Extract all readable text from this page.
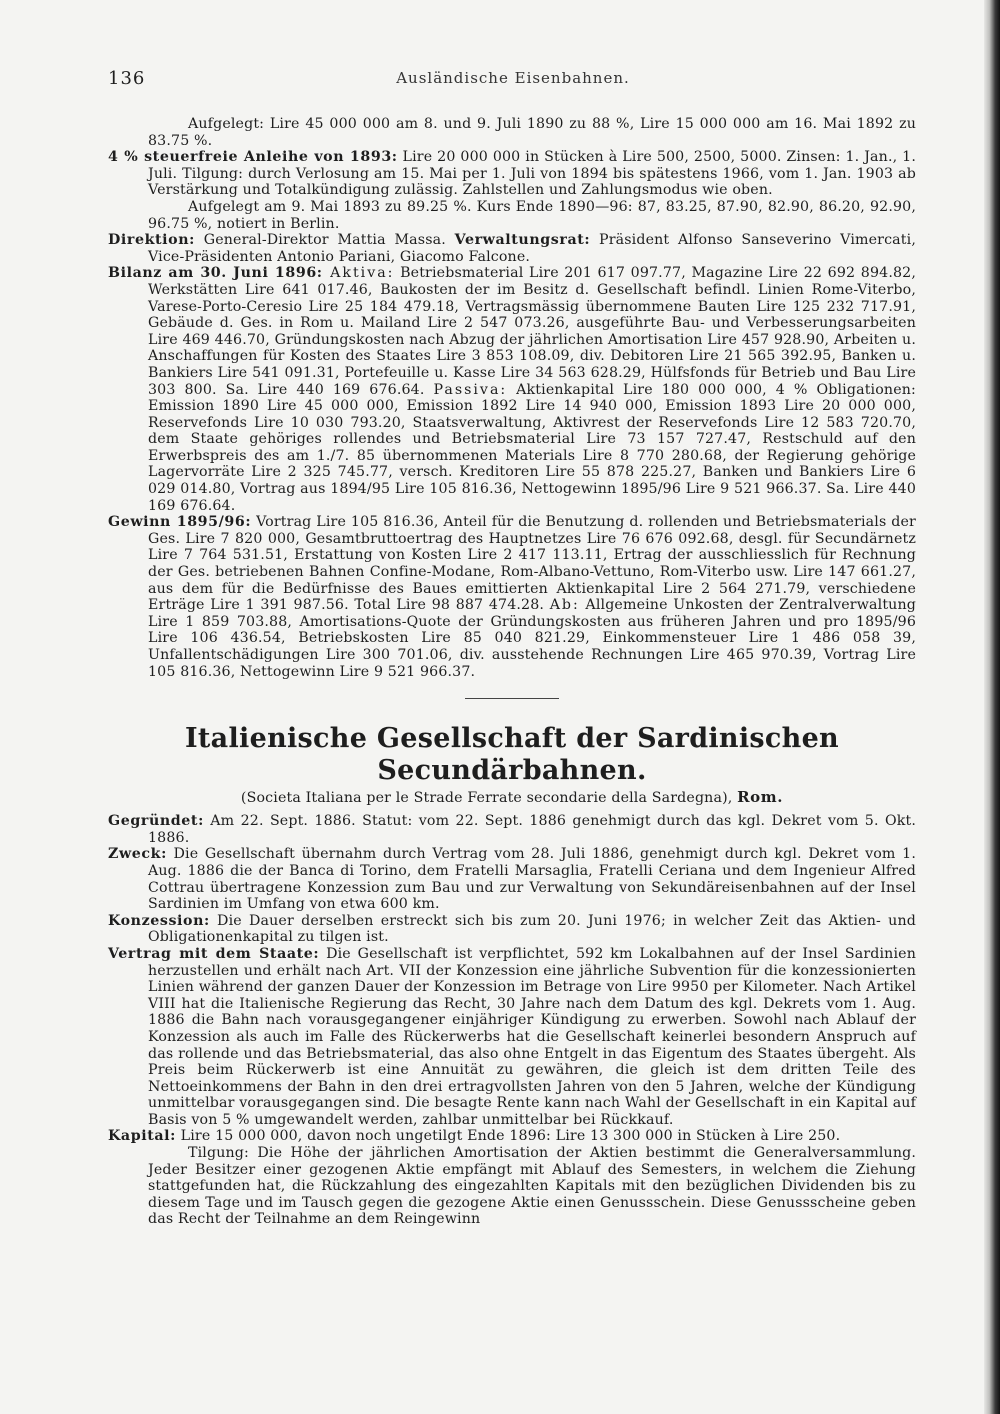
136	Ausländische Eisenbahnen.

Aufgelegt: Lire 45 000 000 am 8. und 9. Juli 1890 zu 88 %, Lire 15 000 000 am 16. Mai 1892 zu 83.75 %.

4 % steuerfreie Anleihe von 1893: Lire 20 000 000 in Stücken à Lire 500, 2500, 5000. Zinsen: 1. Jan., 1. Juli. Tilgung: durch Verlosung am 15. Mai per 1. Juli von 1894 bis spätestens 1966, vom 1. Jan. 1903 ab Verstärkung und Totalkündigung zulässig. Zahlstellen und Zahlungsmodus wie oben.

Aufgelegt am 9. Mai 1893 zu 89.25 %. Kurs Ende 1890—96: 87, 83.25, 87.90, 82.90, 86.20, 92.90, 96.75 %, notiert in Berlin.

Direktion: General-Direktor Mattia Massa. Verwaltungsrat: Präsident Alfonso Sanseverino Vimercati, Vice-Präsidenten Antonio Pariani, Giacomo Falcone.

Bilanz am 30. Juni 1896: Aktiva: Betriebsmaterial Lire 201 617 097.77, Magazine Lire 22 692 894.82, Werkstätten Lire 641 017.46, Baukosten der im Besitz d. Gesellschaft befindl. Linien Rome-Viterbo, Varese-Porto-Ceresio Lire 25 184 479.18, Vertragsmässig übernommene Bauten Lire 125 232 717.91, Gebäude d. Ges. in Rom u. Mailand Lire 2 547 073.26, ausgeführte Bau- und Verbesserungsarbeiten Lire 469 446.70, Gründungskosten nach Abzug der jährlichen Amortisation Lire 457 928.90, Arbeiten u. Anschaffungen für Kosten des Staates Lire 3 853 108.09, div. Debitoren Lire 21 565 392.95, Banken u. Bankiers Lire 541 091.31, Portefeuille u. Kasse Lire 34 563 628.29, Hülfsfonds für Betrieb und Bau Lire 303 800. Sa. Lire 440 169 676.64. Passiva: Aktienkapital Lire 180 000 000, 4 % Obligationen: Emission 1890 Lire 45 000 000, Emission 1892 Lire 14 940 000, Emission 1893 Lire 20 000 000, Reservefonds Lire 10 030 793.20, Staatsverwaltung, Aktivrest der Reservefonds Lire 12 583 720.70, dem Staate gehöriges rollendes und Betriebsmaterial Lire 73 157 727.47, Restschuld auf den Erwerbspreis des am 1./7. 85 übernommenen Materials Lire 8 770 280.68, der Regierung gehörige Lagervorräte Lire 2 325 745.77, versch. Kreditoren Lire 55 878 225.27, Banken und Bankiers Lire 6 029 014.80, Vortrag aus 1894/95 Lire 105 816.36, Nettogewinn 1895/96 Lire 9 521 966.37. Sa. Lire 440 169 676.64.

Gewinn 1895/96: Vortrag Lire 105 816.36, Anteil für die Benutzung d. rollenden und Betriebsmaterials der Ges. Lire 7 820 000, Gesamtbruttoertrag des Hauptnetzes Lire 76 676 092.68, desgl. für Secundärnetz Lire 7 764 531.51, Erstattung von Kosten Lire 2 417 113.11, Ertrag der ausschliesslich für Rechnung der Ges. betriebenen Bahnen Confine-Modane, Rom-Albano-Vettuno, Rom-Viterbo usw. Lire 147 661.27, aus dem für die Bedürfnisse des Baues emittierten Aktienkapital Lire 2 564 271.79, verschiedene Erträge Lire 1 391 987.56. Total Lire 98 887 474.28. Ab: Allgemeine Unkosten der Zentralverwaltung Lire 1 859 703.88, Amortisations-Quote der Gründungskosten aus früheren Jahren und pro 1895/96 Lire 106 436.54, Betriebskosten Lire 85 040 821.29, Einkommensteuer Lire 1 486 058 39, Unfallentschädigungen Lire 300 701.06, div. ausstehende Rechnungen Lire 465 970.39, Vortrag Lire 105 816.36, Nettogewinn Lire 9 521 966.37.

Italienische Gesellschaft der Sardinischen Secundärbahnen.

(Societa Italiana per le Strade Ferrate secondarie della Sardegna), Rom.

Gegründet: Am 22. Sept. 1886. Statut: vom 22. Sept. 1886 genehmigt durch das kgl. Dekret vom 5. Okt. 1886.

Zweck: Die Gesellschaft übernahm durch Vertrag vom 28. Juli 1886, genehmigt durch kgl. Dekret vom 1. Aug. 1886 die der Banca di Torino, dem Fratelli Marsaglia, Fratelli Ceriana und dem Ingenieur Alfred Cottrau übertragene Konzession zum Bau und zur Verwaltung von Sekundäreisenbahnen auf der Insel Sardinien im Umfang von etwa 600 km.

Konzession: Die Dauer derselben erstreckt sich bis zum 20. Juni 1976; in welcher Zeit das Aktien- und Obligationenkapital zu tilgen ist.

Vertrag mit dem Staate: Die Gesellschaft ist verpflichtet, 592 km Lokalbahnen auf der Insel Sardinien herzustellen und erhält nach Art. VII der Konzession eine jährliche Subvention für die konzessionierten Linien während der ganzen Dauer der Konzession im Betrage von Lire 9950 per Kilometer. Nach Artikel VIII hat die Italienische Regierung das Recht, 30 Jahre nach dem Datum des kgl. Dekrets vom 1. Aug. 1886 die Bahn nach vorausgegangener einjähriger Kündigung zu erwerben. Sowohl nach Ablauf der Konzession als auch im Falle des Rückerwerbs hat die Gesellschaft keinerlei besondern Anspruch auf das rollende und das Betriebsmaterial, das also ohne Entgelt in das Eigentum des Staates übergeht. Als Preis beim Rückerwerb ist eine Annuität zu gewähren, die gleich ist dem dritten Teile des Nettoeinkommens der Bahn in den drei ertragvollsten Jahren von den 5 Jahren, welche der Kündigung unmittelbar vorausgegangen sind. Die besagte Rente kann nach Wahl der Gesellschaft in ein Kapital auf Basis von 5 % umgewandelt werden, zahlbar unmittelbar bei Rückkauf.

Kapital: Lire 15 000 000, davon noch ungetilgt Ende 1896: Lire 13 300 000 in Stücken à Lire 250.

Tilgung: Die Höhe der jährlichen Amortisation der Aktien bestimmt die Generalversammlung. Jeder Besitzer einer gezogenen Aktie empfängt mit Ablauf des Semesters, in welchem die Ziehung stattgefunden hat, die Rückzahlung des eingezahlten Kapitals mit den bezüglichen Dividenden bis zu diesem Tage und im Tausch gegen die gezogene Aktie einen Genussschein. Diese Genussscheine geben das Recht der Teilnahme an dem Reingewinn
